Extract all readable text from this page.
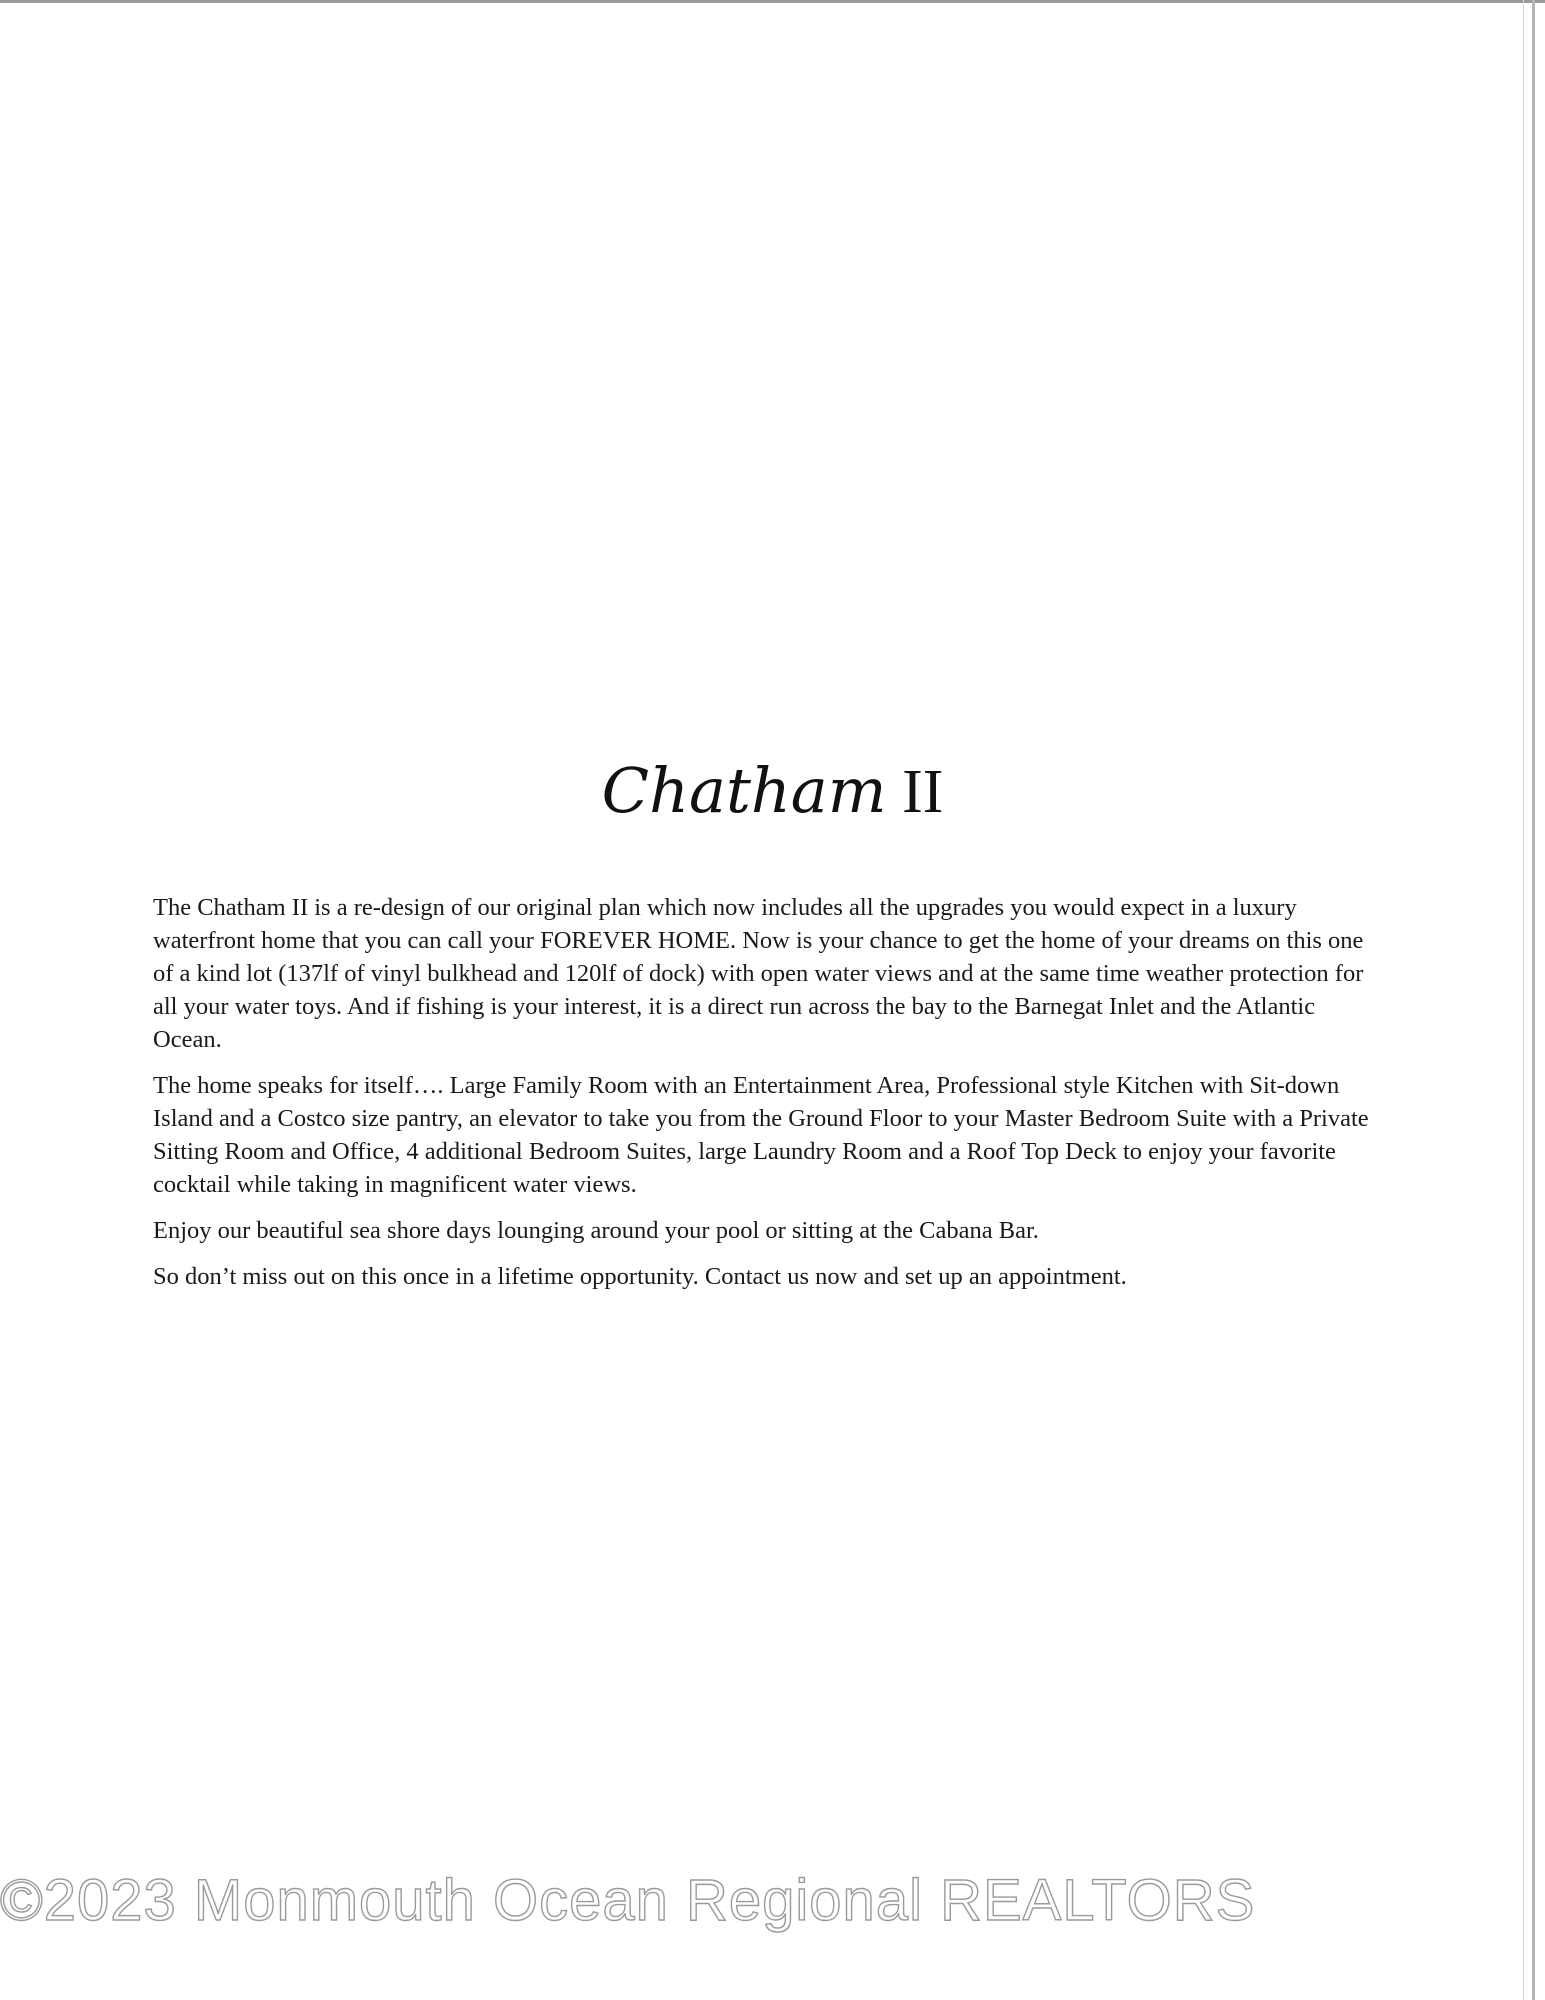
Chatham II

The Chatham II is a re-design of our original plan which now includes all the upgrades you would expect in a luxury waterfront home that you can call your FOREVER HOME. Now is your chance to get the home of your dreams on this one of a kind lot (137lf of vinyl bulkhead and 120lf of dock) with open water views and at the same time weather protection for all your water toys. And if fishing is your interest, it is a direct run across the bay to the Barnegat Inlet and the Atlantic Ocean.

The home speaks for itself…. Large Family Room with an Entertainment Area, Professional style Kitchen with Sit-down Island and a Costco size pantry, an elevator to take you from the Ground Floor to your Master Bedroom Suite with a Private Sitting Room and Office, 4 additional Bedroom Suites, large Laundry Room and a Roof Top Deck to enjoy your favorite cocktail while taking in magnificent water views.

Enjoy our beautiful sea shore days lounging around your pool or sitting at the Cabana Bar.

So don’t miss out on this once in a lifetime opportunity. Contact us now and set up an appointment.

©2023 Monmouth Ocean Regional REALTORS
